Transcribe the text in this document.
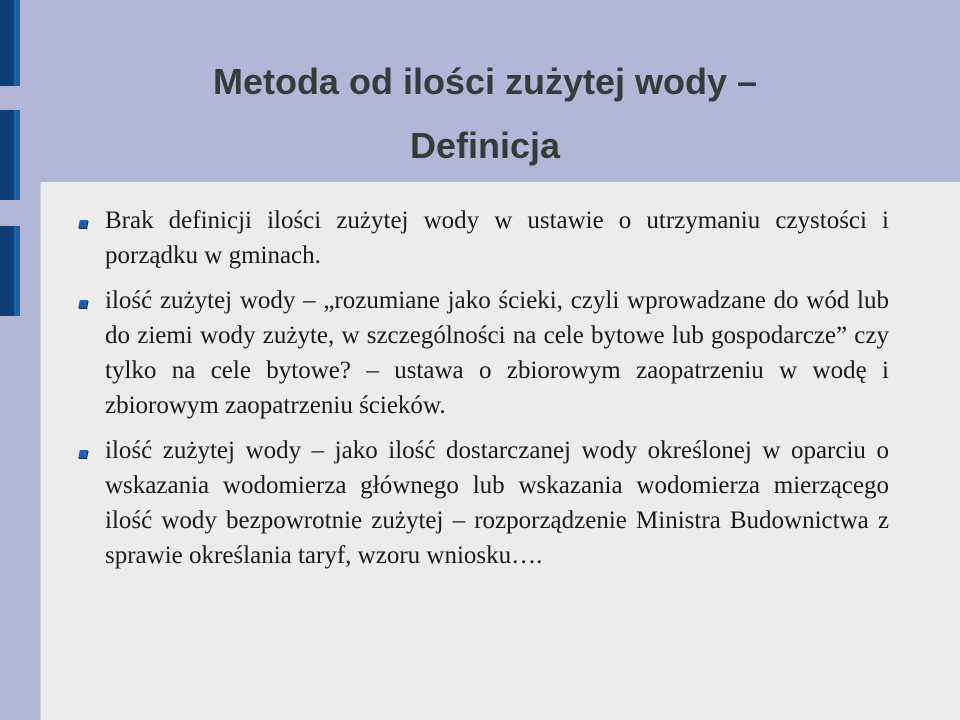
Metoda od ilości zużytej wody –
Definicja

Brak definicji ilości zużytej wody w ustawie o utrzymaniu czystości i porządku w gminach.

ilość zużytej wody – „rozumiane jako ścieki, czyli wprowadzane do wód lub do ziemi wody zużyte, w szczególności na cele bytowe lub gospodarcze” czy tylko na cele bytowe? – ustawa o zbiorowym zaopatrzeniu w wodę i zbiorowym zaopatrzeniu ścieków.

ilość zużytej wody – jako ilość dostarczanej wody określonej w oparciu o wskazania wodomierza głównego lub wskazania wodomierza mierzącego ilość wody bezpowrotnie zużytej – rozporządzenie Ministra Budownictwa z sprawie określania taryf, wzoru wniosku….
